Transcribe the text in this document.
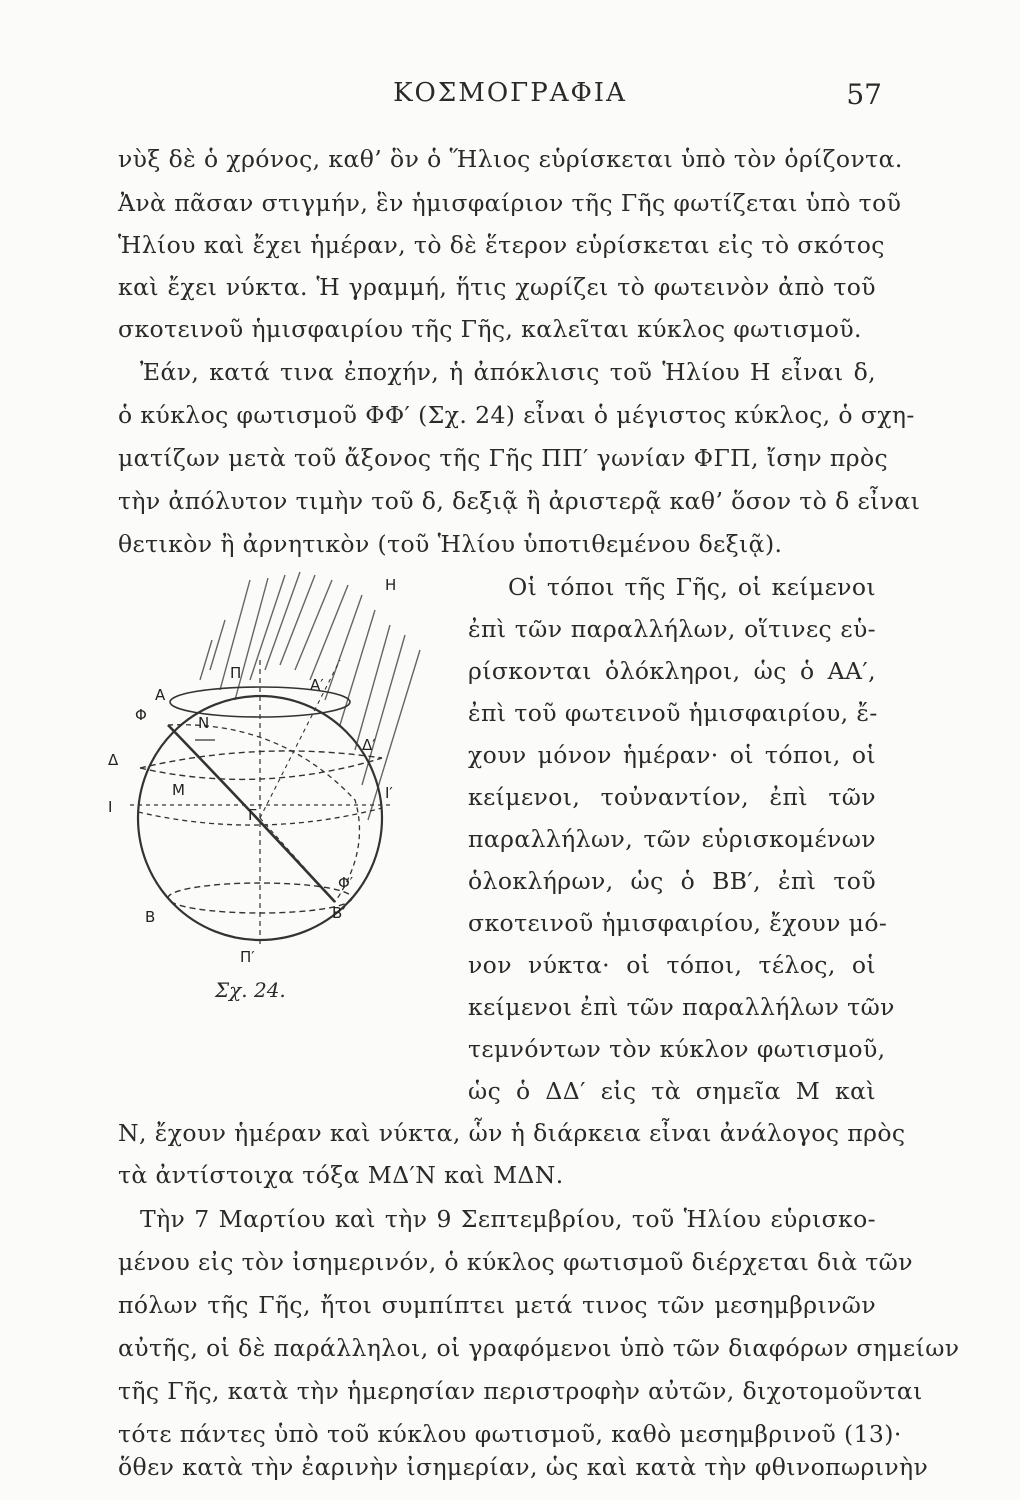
ΚΟΣΜΟΓΡΑΦΙΑ	57
νὺξ δὲ ὁ χρόνος, καθ’ ὃν ὁ Ἥλιος εὑρίσκεται ὑπὸ τὸν ὁρίζοντα.
Ἀνὰ πᾶσαν στιγμήν, ἓν ἡμισφαίριον τῆς Γῆς φωτίζεται ὑπὸ τοῦ
Ἡλίου καὶ ἔχει ἡμέραν, τὸ δὲ ἕτερον εὑρίσκεται εἰς τὸ σκότος
καὶ ἔχει νύκτα. Ἡ γραμμή, ἥτις χωρίζει τὸ φωτεινὸν ἀπὸ τοῦ
σκοτεινοῦ ἡμισφαιρίου τῆς Γῆς, καλεῖται κύκλος φωτισμοῦ.
Ἐάν, κατά τινα ἐποχήν, ἡ ἀπόκλισις τοῦ Ἡλίου Η εἶναι δ,
ὁ κύκλος φωτισμοῦ ΦΦ′ (Σχ. 24) εἶναι ὁ μέγιστος κύκλος, ὁ σχη-
ματίζων μετὰ τοῦ ἄξονος τῆς Γῆς ΠΠ′ γωνίαν ΦΓΠ, ἴσην πρὸς
τὴν ἀπόλυτον τιμὴν τοῦ δ, δεξιᾷ ἢ ἀριστερᾷ καθ’ ὅσον τὸ δ εἶναι
θετικὸν ἢ ἀρνητικὸν (τοῦ Ἡλίου ὑποτιθεμένου δεξιᾷ).
Οἱ τόποι τῆς Γῆς, οἱ κείμενοι
ἐπὶ τῶν παραλλήλων, οἵτινες εὑ-
ρίσκονται ὁλόκληροι, ὡς ὁ ΑΑ′,
ἐπὶ τοῦ φωτεινοῦ ἡμισφαιρίου, ἔ-
χουν μόνον ἡμέραν· οἱ τόποι, οἱ
κείμενοι, τοὐναντίον, ἐπὶ τῶν
παραλλήλων, τῶν εὑρισκομένων
ὁλοκλήρων, ὡς ὁ ΒΒ′, ἐπὶ τοῦ
σκοτεινοῦ ἡμισφαιρίου, ἔχουν μό-
νον νύκτα· οἱ τόποι, τέλος, οἱ
κείμενοι ἐπὶ τῶν παραλλήλων τῶν
τεμνόντων τὸν κύκλον φωτισμοῦ,
ὡς ὁ ΔΔ′ εἰς τὰ σημεῖα Μ καὶ
Ν, ἔχουν ἡμέραν καὶ νύκτα, ὧν ἡ διάρκεια εἶναι ἀνάλογος πρὸς
τὰ ἀντίστοιχα τόξα ΜΔ′Ν καὶ ΜΔΝ.
Τὴν 7 Μαρτίου καὶ τὴν 9 Σεπτεμβρίου, τοῦ Ἡλίου εὑρισκο-
μένου εἰς τὸν ἰσημερινόν, ὁ κύκλος φωτισμοῦ διέρχεται διὰ τῶν
πόλων τῆς Γῆς, ἤτοι συμπίπτει μετά τινος τῶν μεσημβρινῶν
αὐτῆς, οἱ δὲ παράλληλοι, οἱ γραφόμενοι ὑπὸ τῶν διαφόρων σημείων
τῆς Γῆς, κατὰ τὴν ἡμερησίαν περιστροφὴν αὐτῶν, διχοτομοῦνται
τότε πάντες ὑπὸ τοῦ κύκλου φωτισμοῦ, καθὸ μεσημβρινοῦ (13)·
ὅθεν κατὰ τὴν ἐαρινὴν ἰσημερίαν, ὡς καὶ κατὰ τὴν φθινοπωρινὴν
Η
Π
Α
Α′
Φ	Ν
Δ
Δ′
Ι
Μ	Ι′
Γ
Φ′
Β	Β′
Π′
Σχ. 24.
